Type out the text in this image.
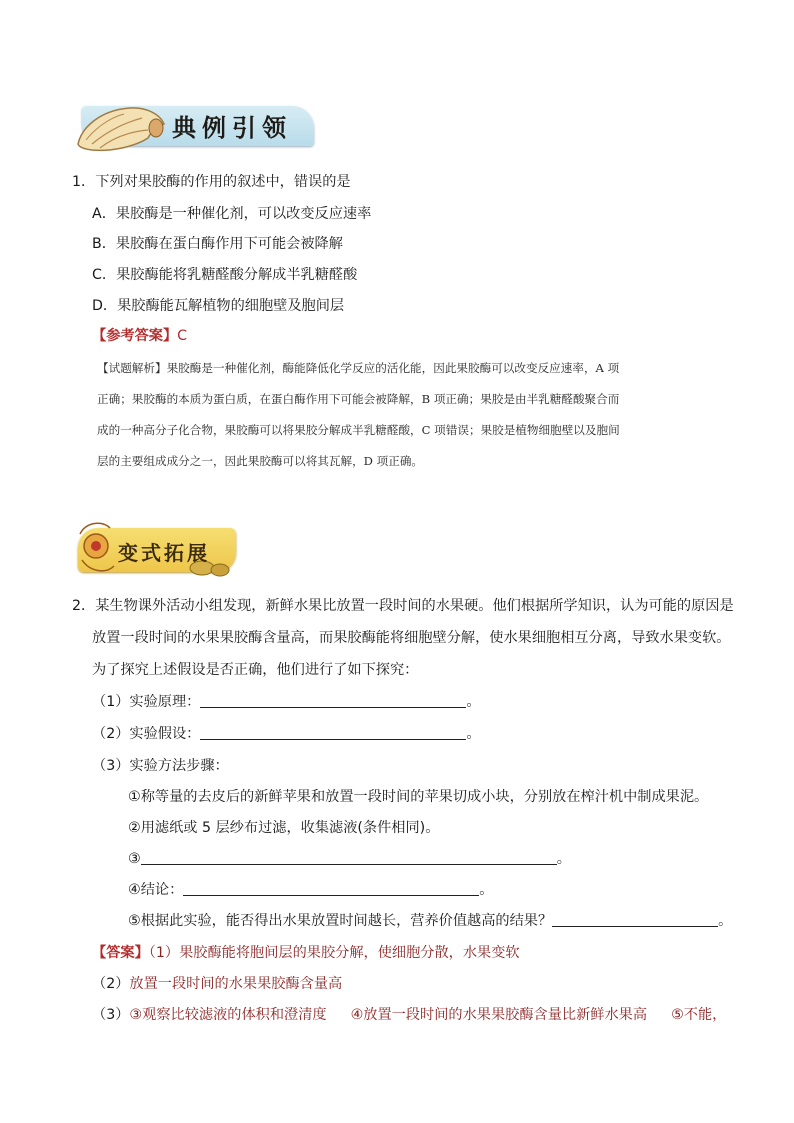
典例引领
1．下列对果胶酶的作用的叙述中，错误的是
A．果胶酶是一种催化剂，可以改变反应速率
B．果胶酶在蛋白酶作用下可能会被降解
C．果胶酶能将乳糖醛酸分解成半乳糖醛酸
D．果胶酶能瓦解植物的细胞壁及胞间层
【参考答案】C
【试题解析】果胶酶是一种催化剂，酶能降低化学反应的活化能，因此果胶酶可以改变反应速率，A 项
正确；果胶酶的本质为蛋白质，在蛋白酶作用下可能会被降解，B 项正确；果胶是由半乳糖醛酸聚合而
成的一种高分子化合物，果胶酶可以将果胶分解成半乳糖醛酸，C 项错误；果胶是植物细胞壁以及胞间
层的主要组成成分之一，因此果胶酶可以将其瓦解，D 项正确。
变式拓展
2．某生物课外活动小组发现，新鲜水果比放置一段时间的水果硬。他们根据所学知识，认为可能的原因是
放置一段时间的水果果胶酶含量高，而果胶酶能将细胞壁分解，使水果细胞相互分离，导致水果变软。
为了探究上述假设是否正确，他们进行了如下探究：
（1）实验原理：	。
（2）实验假设：	。
（3）实验方法步骤：
①称等量的去皮后的新鲜苹果和放置一段时间的苹果切成小块，分别放在榨汁机中制成果泥。
②用滤纸或 5 层纱布过滤，收集滤液(条件相同)。
③	。
④结论：	。
⑤根据此实验，能否得出水果放置时间越长，营养价值越高的结果？	。
【答案】（1）果胶酶能将胞间层的果胶分解，使细胞分散，水果变软
（2）放置一段时间的水果果胶酶含量高
（3）③观察比较滤液的体积和澄清度 ④放置一段时间的水果果胶酶含量比新鲜水果高 ⑤不能，
